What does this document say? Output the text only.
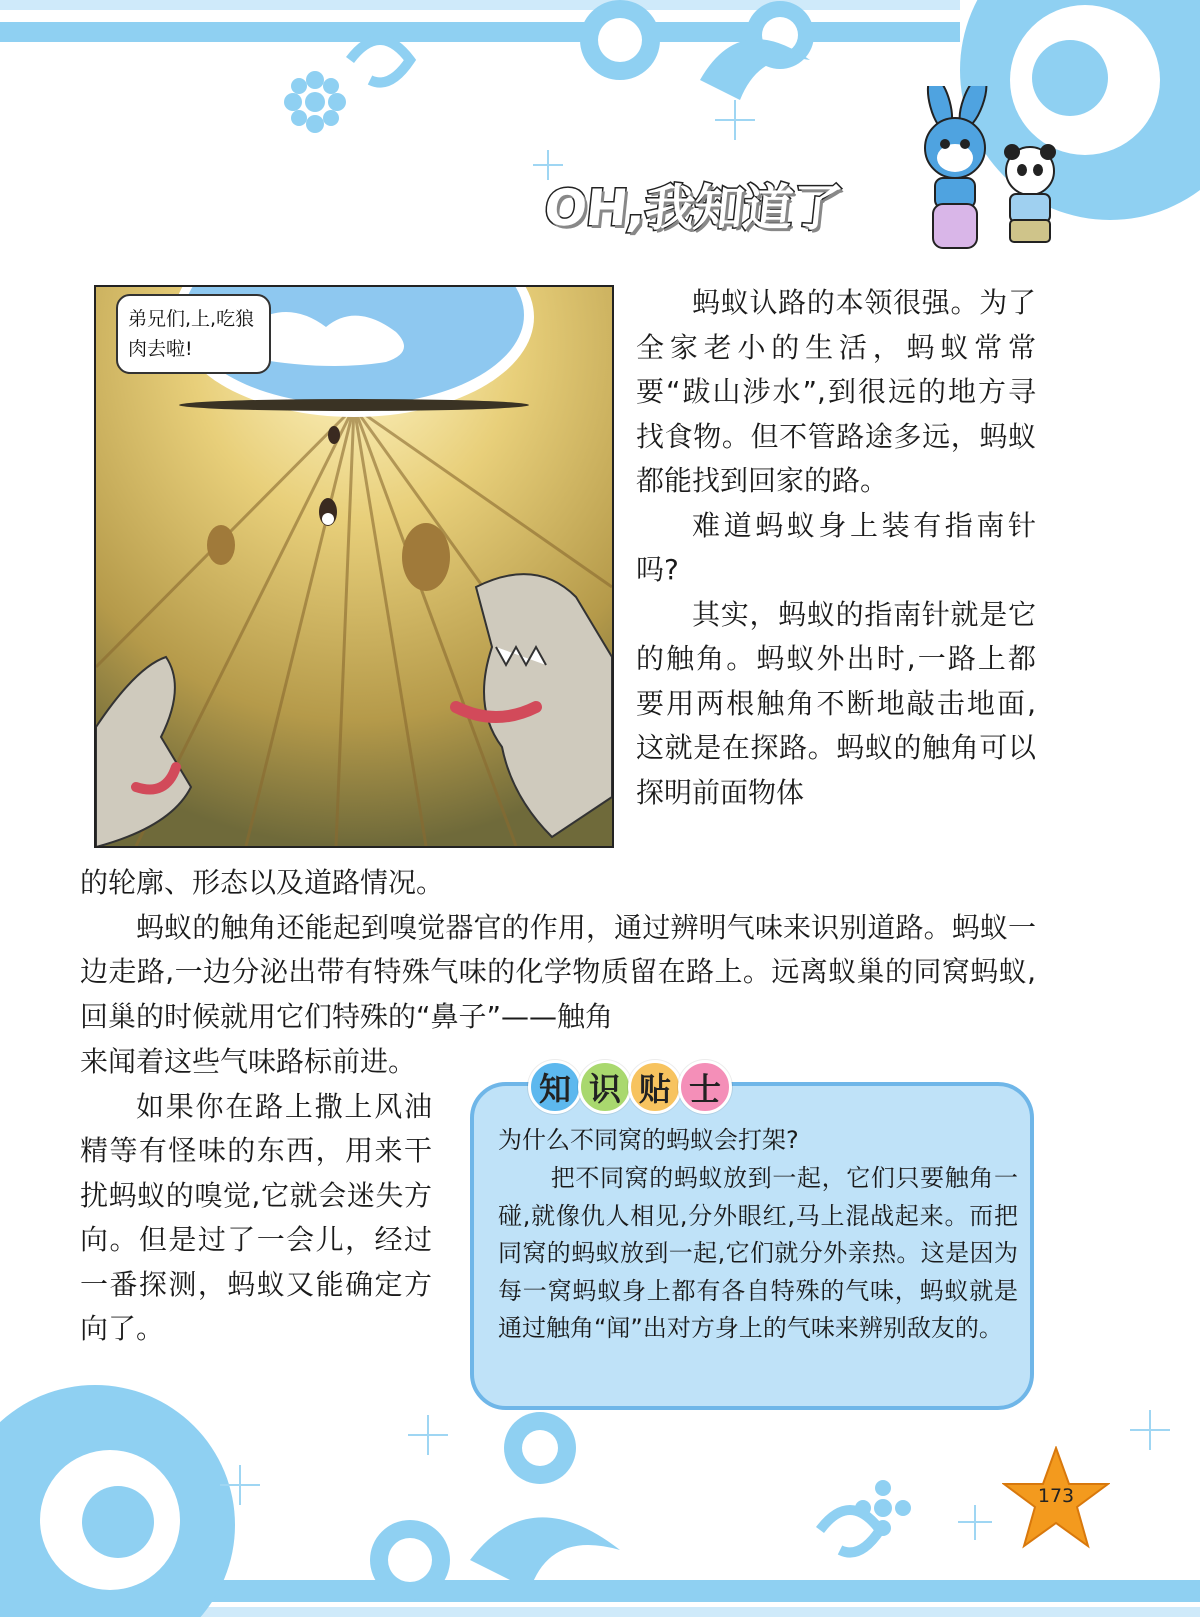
OH,我知道了
弟兄们,上,吃狼肉去啦!

蚂蚁认路的本领很强。为了全家老小的生活，蚂蚁常常要“跋山涉水”,到很远的地方寻找食物。但不管路途多远，蚂蚁都能找到回家的路。

难道蚂蚁身上装有指南针吗?

其实，蚂蚁的指南针就是它的触角。蚂蚁外出时,一路上都要用两根触角不断地敲击地面,这就是在探路。蚂蚁的触角可以探明前面物体

的轮廓、形态以及道路情况。

蚂蚁的触角还能起到嗅觉器官的作用，通过辨明气味来识别道路。蚂蚁一边走路,一边分泌出带有特殊气味的化学物质留在路上。远离蚁巢的同窝蚂蚁,回巢的时候就用它们特殊的“鼻子”——触角

来闻着这些气味路标前进。

如果你在路上撒上风油精等有怪味的东西，用来干扰蚂蚁的嗅觉,它就会迷失方向。但是过了一会儿，经过一番探测，蚂蚁又能确定方向了。

知 识 贴 士

为什么不同窝的蚂蚁会打架?

把不同窝的蚂蚁放到一起，它们只要触角一碰,就像仇人相见,分外眼红,马上混战起来。而把同窝的蚂蚁放到一起,它们就分外亲热。这是因为每一窝蚂蚁身上都有各自特殊的气味，蚂蚁就是通过触角“闻”出对方身上的气味来辨别敌友的。

173
